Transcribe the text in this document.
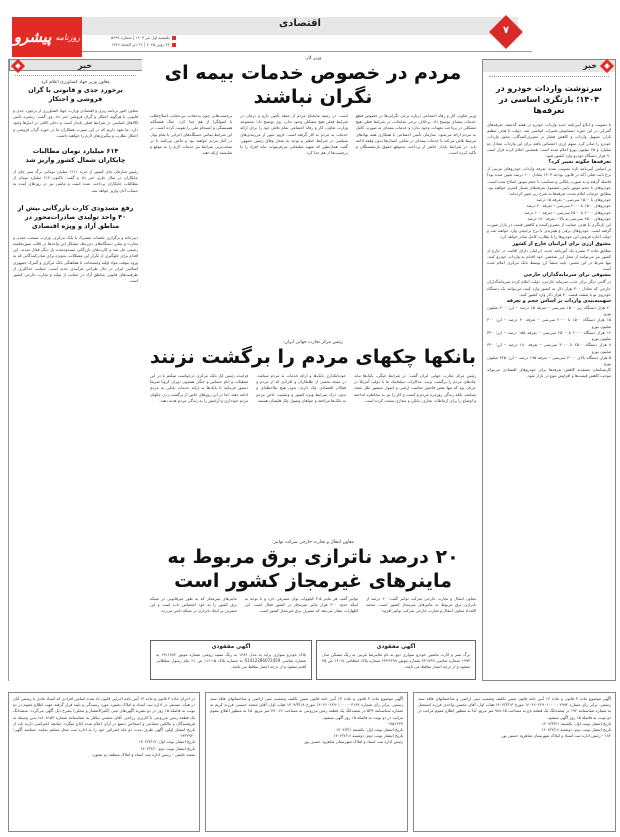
اقتصادی
روزنامه
پیشرو	یکشنبه اول تیر ۱۴۰۴ | شماره ۵۶۹۹
۲۲ ژوئن ۲۰۲۵ | ۲۶ ذی الحجه ۱۴۴۶
۷
خبر
سرنوشت واردات خودرو در ۱۴۰۴؛ بازنگری اساسی در تعرفه‌ها

با تصویب و ابلاغ آیین‌نامه جدید واردات خودرو در هفته گذشته، تعرفه‌های گمرکی در این حوزه دستخوش تغییرات اساسی شد. دولت با هدف تنظیم بازار، تسهیل واردات و کاهش فشار بر مصرف‌کنندگان، مجوز واردات خودرو را صادر کرد. سهم ارزی اختصاص یافته برای این واردات معادل دو میلیارد و ۶۵ میلیون یورو اعلام شده است. همچنین اعلام کرده قرار است ۹۰ هزار دستگاه خودرو وارد کشور شود.

تعرفه‌ها چگونه تغییر کرد؟

بر اساس آیین‌نامه تازه تصویب شده، تعرفه واردات خودروهای بنزینی از نرخ ثابت قبلی (که در قانون بودجه ۱۴۰۳ معادل ۱۰۰ درصد تعیین شده بود) فاصله گرفته و به صورت پلکانی و متناسب با حجم موتور اصلاح شده است. خودروهای با حجم موتور پایین، مشمول تعرفه‌های بسیار کمتری خواهند بود. مطابق جزئیات اعلام شده، تعرفه‌ها به شرح زیر تغییر کرده‌اند:

خودروهای تا ۱۵۰۰ سی‌سی – تعرفه ۱۵ درصد

خودروهای ۱۵۰۰ تا ۲۰۰۰ سی‌سی – تعرفه ۴۰ درصد

خودروهای ۲۰۰۰ تا ۲۵۰۰ سی‌سی – تعرفه ۱۰۰ درصد

خودروهای ۲۵۰۰ سی‌سی به بالا – تعرفه ۱۸۰ درصد

این بازنگری با هدف حمایت از مصرف‌کننده و کاهش قیمت در بازار صورت گرفته است. خودروهای برقی و هیبریدی با نرخ ترجیحی وارد خواهند شد و دولت اجازه فروش این خودروها را با نظارت کامل صادر خواهد کرد.

مشوق ارزی برای ایرانیان خارج از کشور

مطابق ماده ۳ تبصره یک آیین‌نامه جدید، ایرانیان دارای اقامت در خارج از کشور نیز می‌توانند از محل ارز شخصی خود اقدام به واردات خودرو کنند. تنها شرط در این مسیر، تایید منشأ ارز توسط بانک مرکزی اعلام شده است.

مشوقی برای سرمایه‌گذاران خارجی

در گامی دیگر برای جذب سرمایه خارجی، دولت اعلام کرده سرمایه‌گذاران خارجی که معادل ۳۰۰ هزار دلار به کشور وارد کنند، می‌توانند یک دستگاه خودروی نو با سقف قیمت ۳۰ هزار دلار وارد کشور کنند.

سهمیه‌بندی واردات بر اساس حجم و تعرفه

۲۰ هزار دستگاه زیر ۱۵۰۰ سی‌سی – تعرفه ۱۵ درصد – ارز: ۲۰۰ میلیون یورو

۱۵ هزار دستگاه ۱۵۰۰ تا ۲۰۰۰ سی‌سی – تعرفه ۴۰ درصد – ارز: ۳۰۰ میلیون یورو

۱۲ هزار دستگاه ۲۰۰۰ تا ۲۵۰۰ سی‌سی – تعرفه ۱۵۵ درصد – ارز: ۳۴۰ میلیون یورو

۸ هزار دستگاه ۲۵۰۰ تا ۳۰۰۰ سی‌سی – تعرفه ۱۸۰ درصد – ارز: ۳۴۰ میلیون یورو

۵ هزار دستگاه بالای ۳۰۰۰ سی‌سی – تعرفه ۱۹۵ درصد – ارز: ۳۲۵ میلیون یورو

کارشناسان معتقدند کاهش تعرفه‌ها برای خودروهای اقتصادی می‌تواند موجب کاهش قیمت‌ها و افزایش تنوع در بازار شود.

خبر
معاون وزیر جهاد کشاورزی اعلام کرد
برخورد جدی و قانونی با گران فروشی و احتکار

معاون امور برنامه ریزی و اقتصادی وزارت جهاد کشاورزی از برخورد جدی و قانونی با هرگونه احتکار و گران فروشی خبر داد. وی گفت: زنجیره تأمین کالاهای اساسی در شرایط فعلی پایدار است و ذخایر کافی در انبارها وجود دارد. ما تعهد داریم که در این صورت همکاران ما در حوزه گران فروشی و احتکار نظارت و پیگیری‌های لازم را خواهند داشت.

۶۱۴ میلیارد تومان مطالبات چایکاران شمال کشور واریز شد

رئیس سازمان چای کشور از خرید ۱۲۱۱ میلیارد تومانی برگ سبز چای از چایکاران در سال جاری خبر داد و گفت: تاکنون ۶۱۴ میلیارد تومان از مطالبات چایکاران پرداخت شده است و مابقی نیز در روزهای آینده به حساب آنان واریز خواهد شد.

رفع مسدودی کارت بازرگانی بیش از ۴۰ واحد تولیدی صادرات‌محور در مناطق آزاد و ویژه اقتصادی

دبیرخانه و برگزاری جلسات مشترک با بانک مرکزی، وزارت صنعت، معدن و تجارت و سایر دستگاه‌های ذی‌ربط، مشکل این واحدها در قالب صورتجلسه رسمی حل شد و کارت‌های بازرگانی مسدودشده بار دیگر فعال شدند. این اقدام برای جلوگیری از تکرار این مشکلات، به‌ویژه برای صادرکنندگانی که به ورود موقت مواد اولیه وابسته‌اند، با هماهنگی بانک مرکزی و گمرک جمهوری اسلامی ایران در حال طراحی فرآیندی جدید است. حمایت حداکثری از ظرفیت‌های قانونی مناطق آزاد در حمایت از تولید و تجارت خارجی کشور است.

وزیر کار:
مردم در خصوص خدمات بیمه ای نگران نباشند

وزیر تعاون، کار و رفاه اجتماعی درباره برخی نگرانی‌ها در خصوص قطع خدمات بیمه‌ای توضیح داد. برخلاف برخی شایعات، در شرایط فعلی هیچ مشکلی در پرداخت تعهدات وجود ندارد و خدمات بیمه‌ای به صورت کامل به مردم ارائه می‌شود. سازمان تأمین اجتماعی با همکاری همه نهادهای مرتبط تلاش می‌کند تا خدمات بیمه‌ای در تمامی استان‌ها بدون وقفه ادامه یابد. در شرایط پایدار حاضر از پرداخت به‌موقع حقوق بازنشستگان و تأکید کرده است.

است. در زمینه مایحتاج مردم از جمله تأمین دارو و درمان در شرایط فعلی هیچ مشکلی وجود ندارد. وی توضیح داد: مجموعه وزارت تعاون، کار و رفاه اجتماعی تمام تلاش خود را برای ارائه خدمات به مردم به کار گرفته است. لزوم عبور از مرزبندی‌های سیاسی در شرایط خطیر و توجه به شعار وفاق رئیس جمهور، گفت همان‌طور که شهید سلیمانی می‌فرمودند نباید افراد را با برچسب‌ها از هم جدا کرد.

برچسب‌هایی چون بدحجاب، بی‌حجاب، اصلاح‌طلب یا اصولگرا از هم جدا کرد. جنگ هشتگانه همبستگی و انسجام ملی را تقویت کرده است. در این شرایط تمامی دستگاه‌های اجرایی با تمام توان در کنار مردم خواهند بود و تلاش می‌کنند تا در سخت‌ترین شرایط نیز خدمات لازم را به موقع و شایسته ارائه دهند.

رئیس مرکز تجارت جهانی ایران:
بانکها چکهای مردم را برگشت نزنند

رئیس مرکز تجارت جهانی ایران گفت: در شرایط جنگی، بانک‌ها نباید چک‌های مردم را برگشت بزنند. مذاکرات دیپلماتیک ما با دولت آمریکا در جریان بود که تنها نقض فاحش تمامیت ارضی و اصول منشور ملل متحد میباشد. بلکه زندگی روزمره مردم و کسب و کار را نیز به مخاطره انداخته و اوضاع را برای ارتباطات تجاری، بانکی و مجازی سخت کرده است.

خودبانکداری بانک‌ها و ارائه خدمات به مردم میباشد. در نتیجه بخشی از طلبکاران و افرادی که از مردم و فعالان اقتصادی چک دارند، بدون هیچ ملاحظه‌ای و بدون درک شرایط ویژه کشور و وضعیت خاص مردم به بانک‌ها مراجعه و خواهان وصول چک هایشان هستند.

فزاینده رئیس کل بانک مرکزی درخواست میکنم تا در این تعطیلات و ایام حساس و جنگی همچون دوران کرونا سریعاً دستور فرمایند تا بانک‌ها به ارائه خدمات بانکی به مردم ادامه دهند. اما در این روزهای خاص از برگشت زدن چکهای مردم خودداری و آرامش را به زندگی مردم هدیه دهند.

معاون انتقال و تجارت خارجی شرکت توانیر:
۲۰ درصد ناترازی برق مربوط به ماینرهای غیرمجاز کشور است

معاون انتقال و تجارت خارجی شرکت توانیر گفت: ۲۰ درصد از ناترازی برق مربوط به ماینرهای غیرمجاز کشور است. محمد الله‌داد معاون انتقال و تجارت خارجی شرکت توانیر افزود:

توانیر گفت هر ماینر ۳.۵ کیلووات توان مصرفی دارد و با توجه به اینکه حدود ۳۰۰ هزار ماینر غیرمجاز در کشور فعال است. این اظهارات نشان می‌دهد که مصرف برق غیرمجاز کشور است.

ماینرهای غیرمجاز که به طور غیرقانونی در شبکه برق کشور را به خود اختصاص داده است و این مصرف بر ایجاد ناترازی در شبکه دامن می‌زند.

آگهی مفقودی

برگ سبز و کارت ماشین خودرو سواری دوو به نام غلامرضا غریبی به رنگ مشکی مدل ۱۹۹۳ شماره شاسی ۴۴۱۷۹۹ شماره موتور ۲۳۲۴۴۹۹ شماره پلاک انتظامی ۱۷-۱۴ ص ۴۵ مفقود و از درجه اعتبار ساقط می باشد.

آگهی مفقودی

پلاک خودرو سواری پراید به مدل ۱۳۸۶ به رنگ سفید روغنی شماره موتور ۱۹۱۱۷۸۲ به شماره شاسی S1412286072459 به شماره پلاک ۱۵-۱۱۶ ص ۲۱ بنام رسول سلطانی اقدم مفقود و از درجه اعتبار ساقط می باشد.

آگهی موضوع ماده ۳ قانون و ماده ۱۳ آیین نامه قانون تعیین تکلیف وضعیت ثبتی اراضی و ساختمانهای فاقد سند رسمی. برابر رای شماره ۲۹۹۲ - ۱۴۰۴۶۰۲۲۹۰۱۰۰۰ مورخ ۱۴۰۴/۳/۱۳ هیات اول، آقای محسن واحدی فرزند اسمعیل به شماره شناسنامه ۱۹۲ در ششدانگ یک قطعه باغ به مساحت ۹۸۸.۲۵ متر مربع. لذا به منظور اطلاع عموم مراتب در دو نوبت به فاصله ۱۵ روز آگهی میشود.

تاریخ انتشار نوبت اول: یکشنبه ۱۴۰۴/۳/۲۱

تاریخ انتشار نوبت دوم: دوشنبه ۱۴۰۴/۴/۱۶

۱۸۲ - رئیس اداره ثبت اسناد و املاک شهرستان شاهرود حسین پور

آگهی موضوع ماده ۳ قانون و ماده ۱۳ آیین نامه قانون تعیین تکلیف وضعیت ثبتی اراضی و ساختمانهای فاقد سند رسمی. برابر رای شماره ۳۱۹۴ - ۱۴۰۴۶۰۲۲۹۰۱۰۰۰ مورخ ۱۴۰۴/۳/۱۸ هیات اول، آقای محمد حسینی فرزند کریم به شماره شناسنامه ۵۳۹ در ششدانگ یک قطعه زمین مزروعی به مساحت ۷۷۰.۶۶ متر مربع. لذا به منظور اطلاع عموم مراتب در دو نوبت به فاصله ۱۵ روز آگهی میشود.

۱۹۵۱۲۳۷

تاریخ انتشار نوبت اول: یکشنبه ۱۴۰۴/۴/۱

تاریخ انتشار نوبت دوم: دوشنبه ۱۴۰۴/۴/۱۶

رئیس اداره ثبت اسناد و املاک شهرستان شاهرود حسین پور

در اجرای ماده ۳ قانون و ماده ۱۳ آیین نامه اجرایی قانون یاد شده اسامی افرادی که اسناد عادی یا رسمی آنان در هیأت مستقر در اداره ثبت اسناد و املاک بجنورد مورد رسیدگی و تایید قرار گرفته جهت اطلاع عموم در دو نوبت به فاصله ۱۵ روز در دو نشریه آگهی‌های ثبتی (کثیرالانتشار و محلی) بشرح ذیل آگهی می‌گردد. ششدانگ یک قطعه زمین مزروعی با کاربری زراعی، آقای محسن نیکبار به شناسنامه شماره ۸۱۵۳. لذا بدین وسیله به فروشندگان و مالکین مشاعی و اشخاص ذینفع در آرای اعلام شده ابلاغ میگردد چنانچه اعتراضی دارند باید از تاریخ انتشار اولین آگهی ظرف مدت دو ماه اعتراض خود را به اداره ثبت محل تسلیم نمایند. شناسه آگهی: ۱۹۳۲۹۲۰

تاریخ انتشار نوبت اول: ۱۴۰۴/۳/۱۷

تاریخ انتشار نوبت دوم: ۱۴۰۴/۴/۱

سعید خلیقی - رییس اداره ثبت اسناد و املاک منطقه دو بجنورد
